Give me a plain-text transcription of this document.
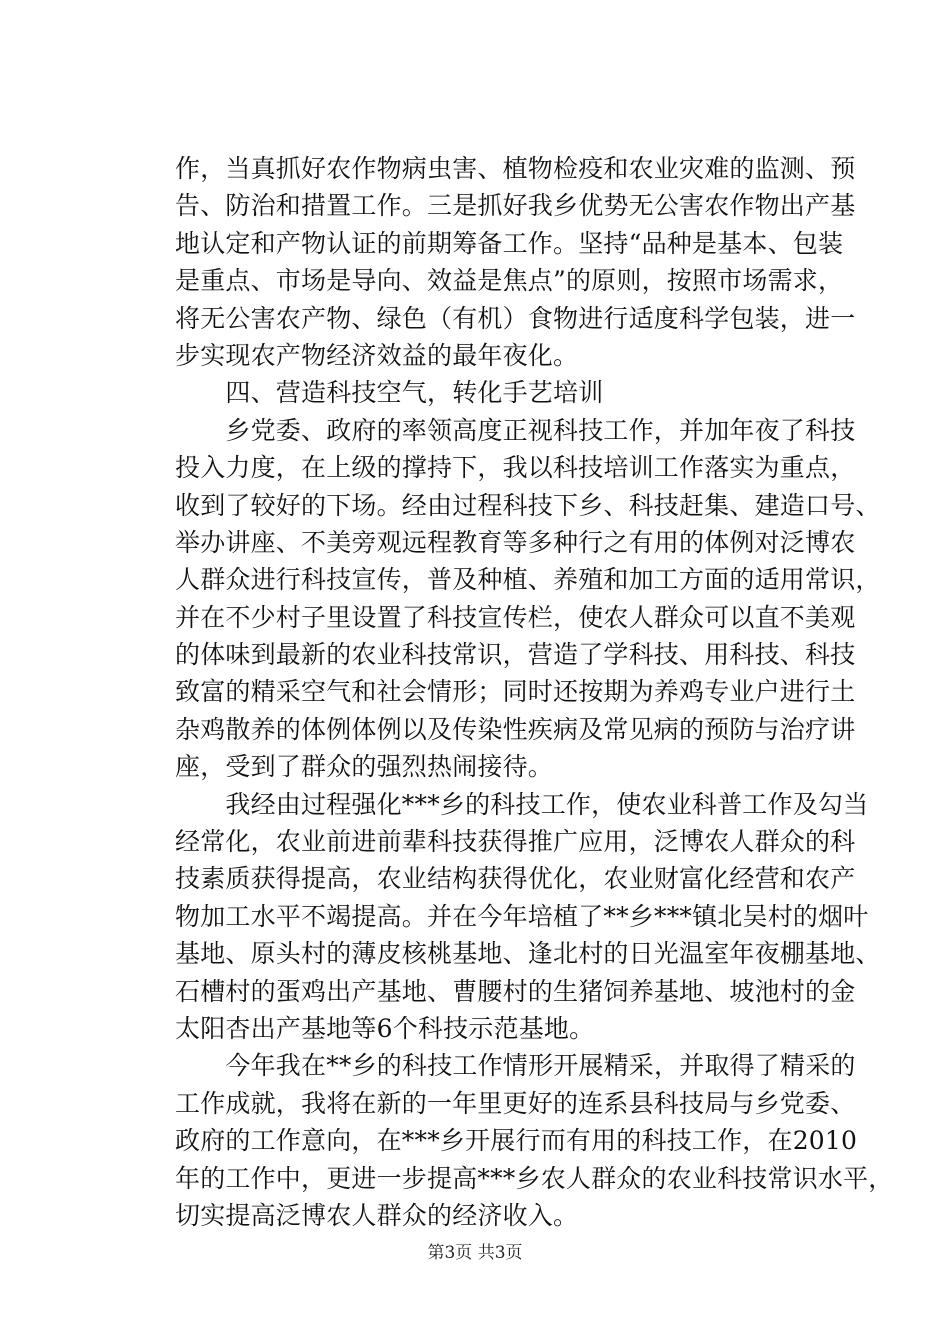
作，当真抓好农作物病虫害、植物检疫和农业灾难的监测、预
告、防治和措置工作。三是抓好我乡优势无公害农作物出产基
地认定和产物认证的前期筹备工作。坚持“品种是基本、包装
是重点、市场是导向、效益是焦点”的原则，按照市场需求，
将无公害农产物、绿色（有机）食物进行适度科学包装，进一
步实现农产物经济效益的最年夜化。
　　四、营造科技空气，转化手艺培训
　　乡党委、政府的率领高度正视科技工作，并加年夜了科技
投入力度，在上级的撑持下，我以科技培训工作落实为重点，
收到了较好的下场。经由过程科技下乡、科技赶集、建造口号、
举办讲座、不美旁观远程教育等多种行之有用的体例对泛博农
人群众进行科技宣传，普及种植、养殖和加工方面的适用常识，
并在不少村子里设置了科技宣传栏，使农人群众可以直不美观
的体味到最新的农业科技常识，营造了学科技、用科技、科技
致富的精采空气和社会情形；同时还按期为养鸡专业户进行土
杂鸡散养的体例体例以及传染性疾病及常见病的预防与治疗讲
座，受到了群众的强烈热闹接待。
　　我经由过程强化***乡的科技工作，使农业科普工作及勾当
经常化，农业前进前辈科技获得推广应用，泛博农人群众的科
技素质获得提高，农业结构获得优化，农业财富化经营和农产
物加工水平不竭提高。并在今年培植了**乡***镇北吴村的烟叶
基地、原头村的薄皮核桃基地、逢北村的日光温室年夜棚基地、
石槽村的蛋鸡出产基地、曹腰村的生猪饲养基地、坡池村的金
太阳杏出产基地等6个科技示范基地。
　　今年我在**乡的科技工作情形开展精采，并取得了精采的
工作成就，我将在新的一年里更好的连系县科技局与乡党委、
政府的工作意向，在***乡开展行而有用的科技工作，在2010
年的工作中，更进一步提高***乡农人群众的农业科技常识水平，
切实提高泛博农人群众的经济收入。
第3页 共3页
